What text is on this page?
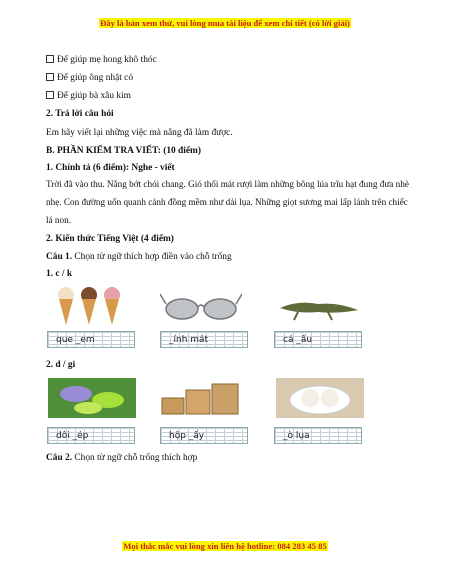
Đây là bản xem thử, vui lòng mua tài liệu để xem chi tiết (có lời giải)
Để giúp mẹ hong khô thóc
Để giúp ông nhặt cỏ
Để giúp bà xâu kim
2. Trả lời câu hỏi
Em hãy viết lại những việc mà nắng đã làm được.
B. PHẦN KIỂM TRA VIẾT: (10 điểm)
1. Chính tả (6 điểm): Nghe - viết
Trời đã vào thu. Nắng bớt chói chang. Gió thổi mát rượi làm những bông lúa trĩu hạt đung đưa nhè nhẹ. Con đường uốn quanh cánh đồng mềm như dải lụa. Những giọt sương mai lấp lánh trên chiếc lá non.
2. Kiến thức Tiếng Việt (4 điểm)
Câu 1. Chọn từ ngữ thích hợp điền vào chỗ trống
1. c / k
que _em	_ính mát	cá _ấu
2. d / gi
dôi _ép	hộp _ấy	_ò lụa
Câu 2. Chọn từ ngữ chỗ trống thích hợp
Mọi thắc mắc vui lòng xin liên hệ hotline: 084 283 45 85
